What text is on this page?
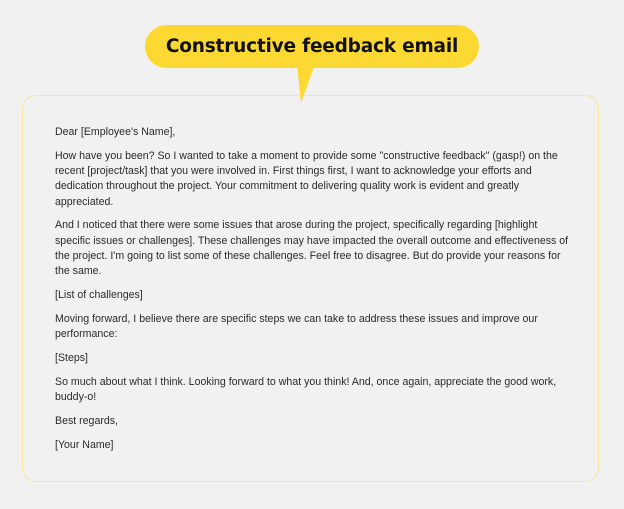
Constructive feedback email

Dear [Employee's Name],

How have you been? So I wanted to take a moment to provide some "constructive feedback" (gasp!) on the recent [project/task] that you were involved in. First things first, I want to acknowledge your efforts and dedication throughout the project. Your commitment to delivering quality work is evident and greatly appreciated.

And I noticed that there were some issues that arose during the project, specifically regarding [highlight specific issues or challenges]. These challenges may have impacted the overall outcome and effectiveness of the project. I'm going to list some of these challenges. Feel free to disagree. But do provide your reasons for the same.

[List of challenges]

Moving forward, I believe there are specific steps we can take to address these issues and improve our performance:

[Steps]

So much about what I think. Looking forward to what you think! And, once again, appreciate the good work, buddy-o!

Best regards,

[Your Name]
